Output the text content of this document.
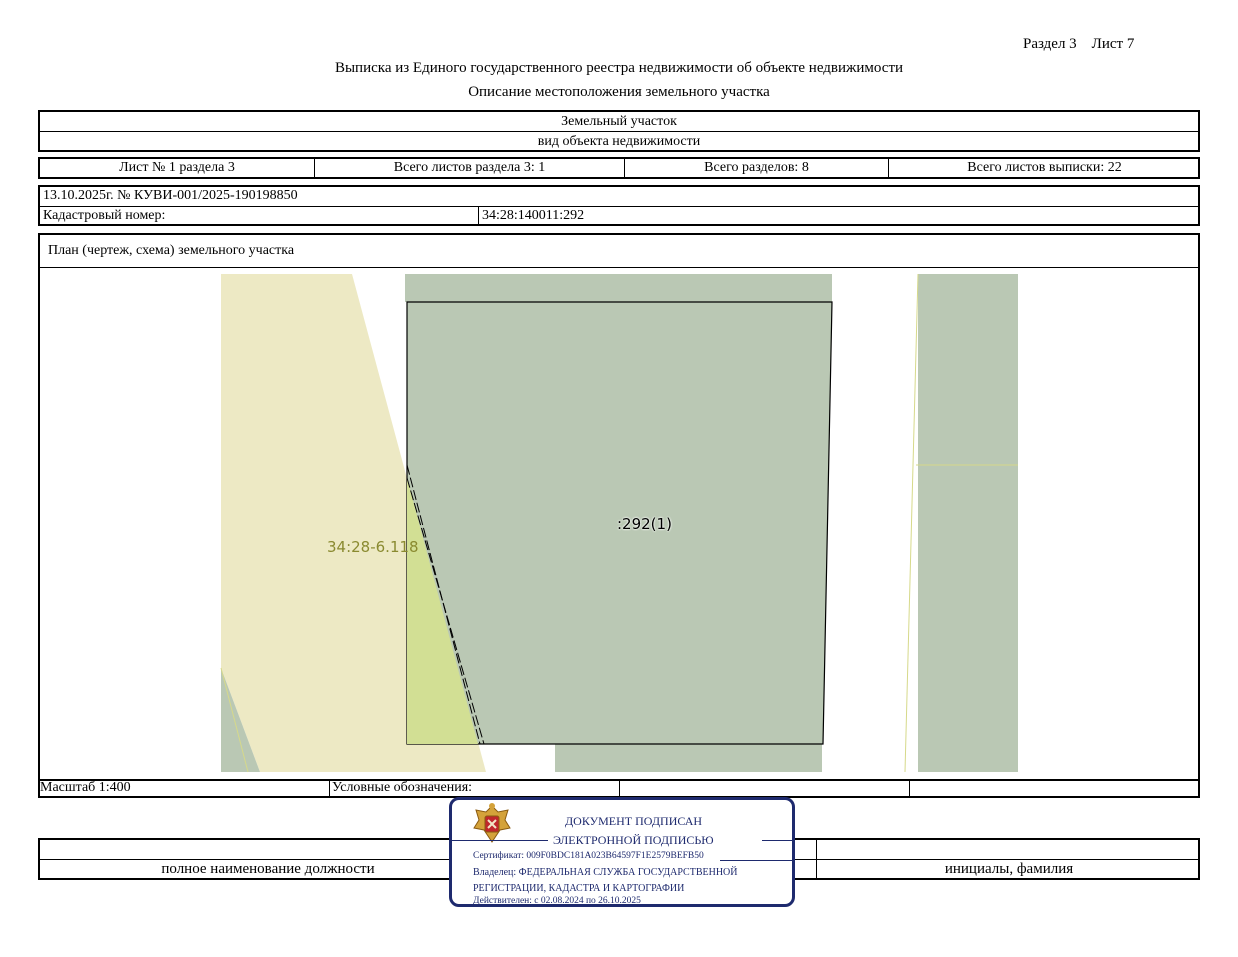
Раздел 3    Лист 7
Выписка из Единого государственного реестра недвижимости об объекте недвижимости
Описание местоположения земельного участка
Земельный участок
вид объекта недвижимости
Лист № 1 раздела 3	Всего листов раздела 3: 1	Всего разделов: 8	Всего листов выписки: 22
13.10.2025г. № КУВИ-001/2025-190198850
Кадастровый номер:	34:28:140011:292
План (чертеж, схема) земельного участка
:292(1)
34:28-6.118
Масштаб 1:400	Условные обозначения:
полное наименование должности	инициалы, фамилия
ДОКУМЕНТ ПОДПИСАН
ЭЛЕКТРОННОЙ ПОДПИСЬЮ
Сертификат: 009F0BDC181A023B64597F1E2579BEFB50
Владелец: ФЕДЕРАЛЬНАЯ СЛУЖБА ГОСУДАРСТВЕННОЙ
РЕГИСТРАЦИИ, КАДАСТРА И КАРТОГРАФИИ
Действителен: с 02.08.2024 по 26.10.2025
